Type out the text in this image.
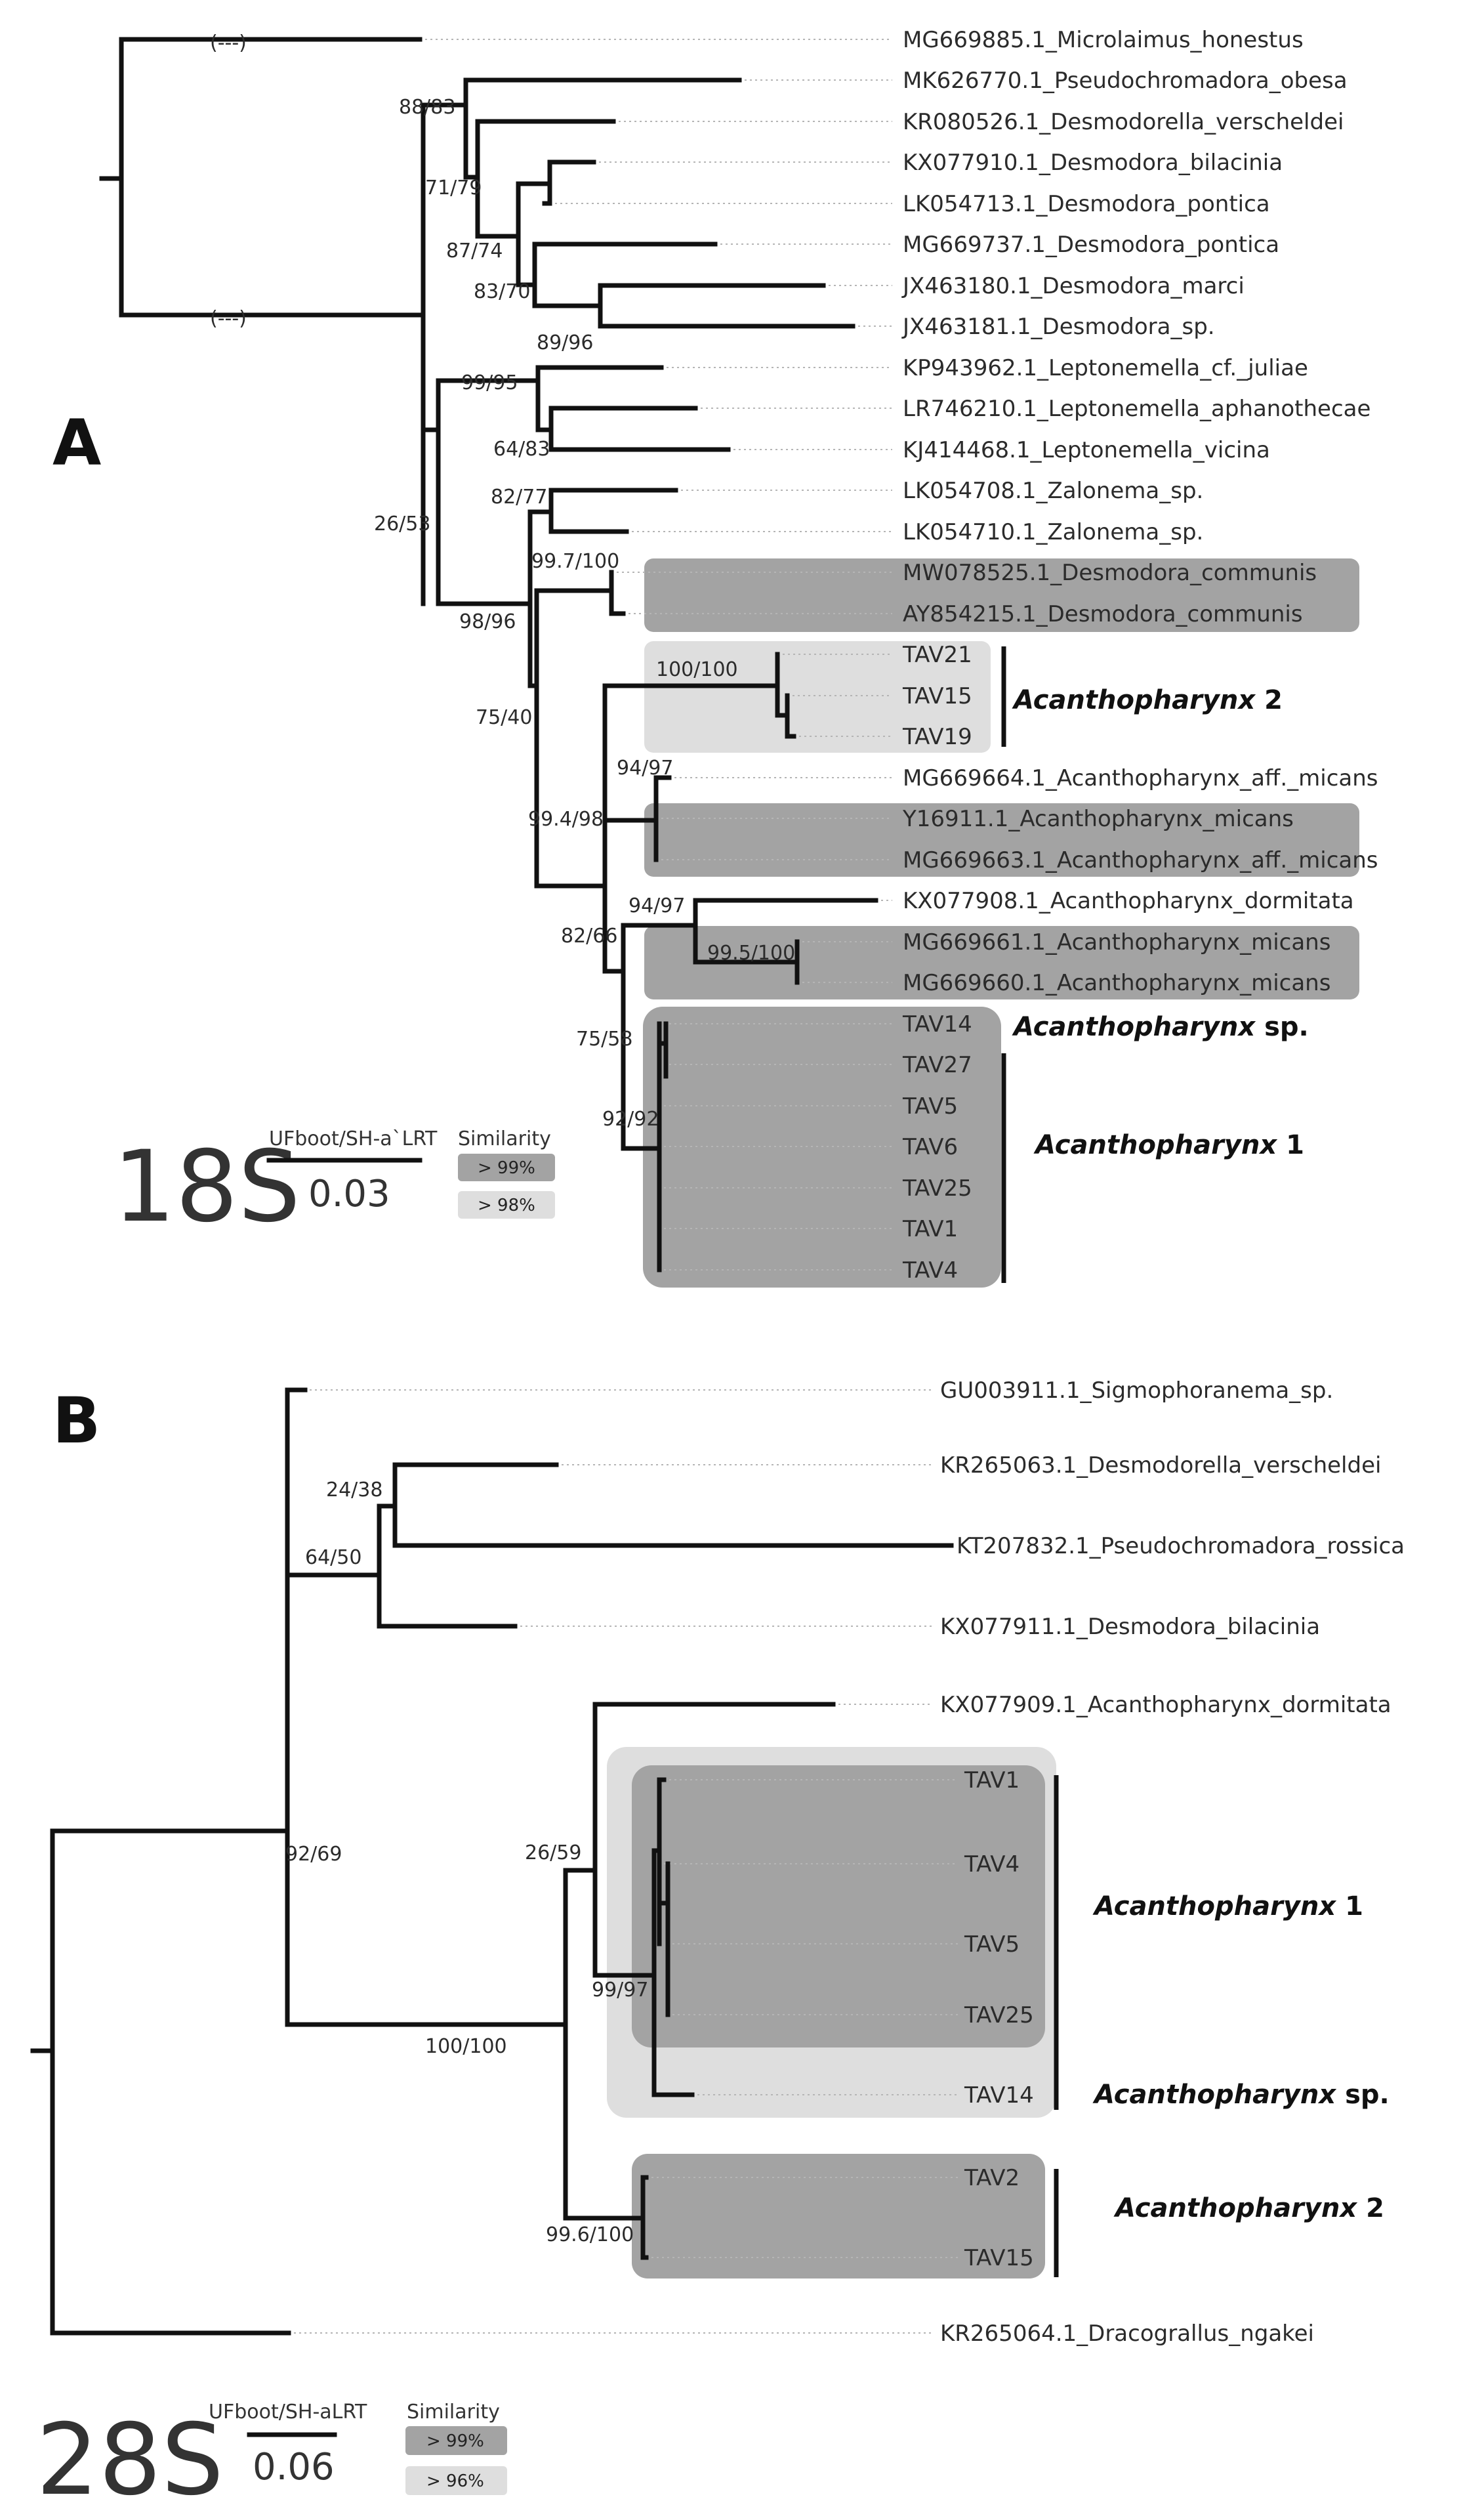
(---)
(---)
88/83
71/79
87/74
83/70
89/96
99/95
64/83
26/53
82/77
99.7/100
98/96
100/100
75/40
94/97
99.4/98
94/97
99.5/100
82/66
75/58
92/92
MG669885.1_Microlaimus_honestus
MK626770.1_Pseudochromadora_obesa
KR080526.1_Desmodorella_verscheldei
KX077910.1_Desmodora_bilacinia
LK054713.1_Desmodora_pontica
MG669737.1_Desmodora_pontica
JX463180.1_Desmodora_marci
JX463181.1_Desmodora_sp.
KP943962.1_Leptonemella_cf._juliae
LR746210.1_Leptonemella_aphanothecae
KJ414468.1_Leptonemella_vicina
LK054708.1_Zalonema_sp.
LK054710.1_Zalonema_sp.
MW078525.1_Desmodora_communis
AY854215.1_Desmodora_communis
TAV21
TAV15
TAV19
MG669664.1_Acanthopharynx_aff._micans
Y16911.1_Acanthopharynx_micans
MG669663.1_Acanthopharynx_aff._micans
KX077908.1_Acanthopharynx_dormitata
MG669661.1_Acanthopharynx_micans
MG669660.1_Acanthopharynx_micans
TAV14
TAV27
TAV5
TAV6
TAV25
TAV1
TAV4
Acanthopharynx 2
Acanthopharynx sp.
Acanthopharynx 1
A
18S
UFboot/SH-a`LRT
0.03
Similarity
> 99%
> 98%
24/38
64/50
92/69	26/59
99/97
100/100
99.6/100
GU003911.1_Sigmophoranema_sp.
KR265063.1_Desmodorella_verscheldei
KT207832.1_Pseudochromadora_rossica
KX077911.1_Desmodora_bilacinia
KX077909.1_Acanthopharynx_dormitata
TAV1
TAV4
TAV5
TAV25
TAV14
TAV2
TAV15
KR265064.1_Dracograllus_ngakei
Acanthopharynx 1
Acanthopharynx sp.
Acanthopharynx 2
B
28S
UFboot/SH-aLRT
0.06
Similarity
> 99%
> 96%
